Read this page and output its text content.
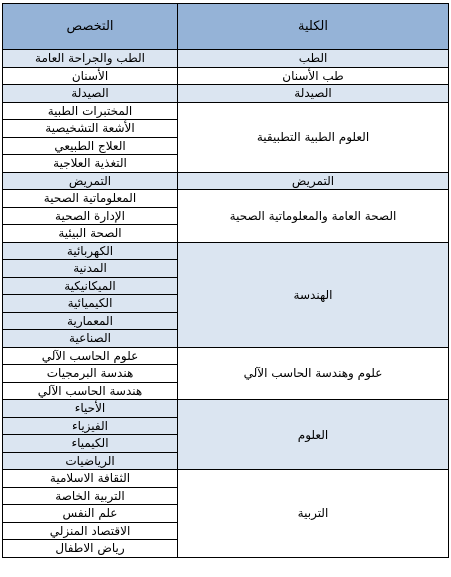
الكلية	التخصص
الطب	الطب والجراحة العامة
طب الأسنان	الأسنان
الصيدلة	الصيدلة
العلوم الطبية التطبيقية	المختبرات الطبية
	الأشعة التشخيصية
	العلاج الطبيعي
	التغذية العلاجية
التمريض	التمريض
الصحة العامة والمعلوماتية الصحية	المعلوماتية الصحية
	الإدارة الصحية
	الصحة البيئية
الهندسة	الكهربائية
	المدنية
	الميكانيكية
	الكيميائية
	المعمارية
	الصناعية
علوم وهندسة الحاسب الآلي	علوم الحاسب الآلي
	هندسة البرمجيات
	هندسة الحاسب الآلي
العلوم	الأحياء
	الفيزياء
	الكيمياء
	الرياضيات
التربية	الثقافة الاسلامية
	التربية الخاصة
	علم النفس
	الاقتصاد المنزلي
	رياض الاطفال
